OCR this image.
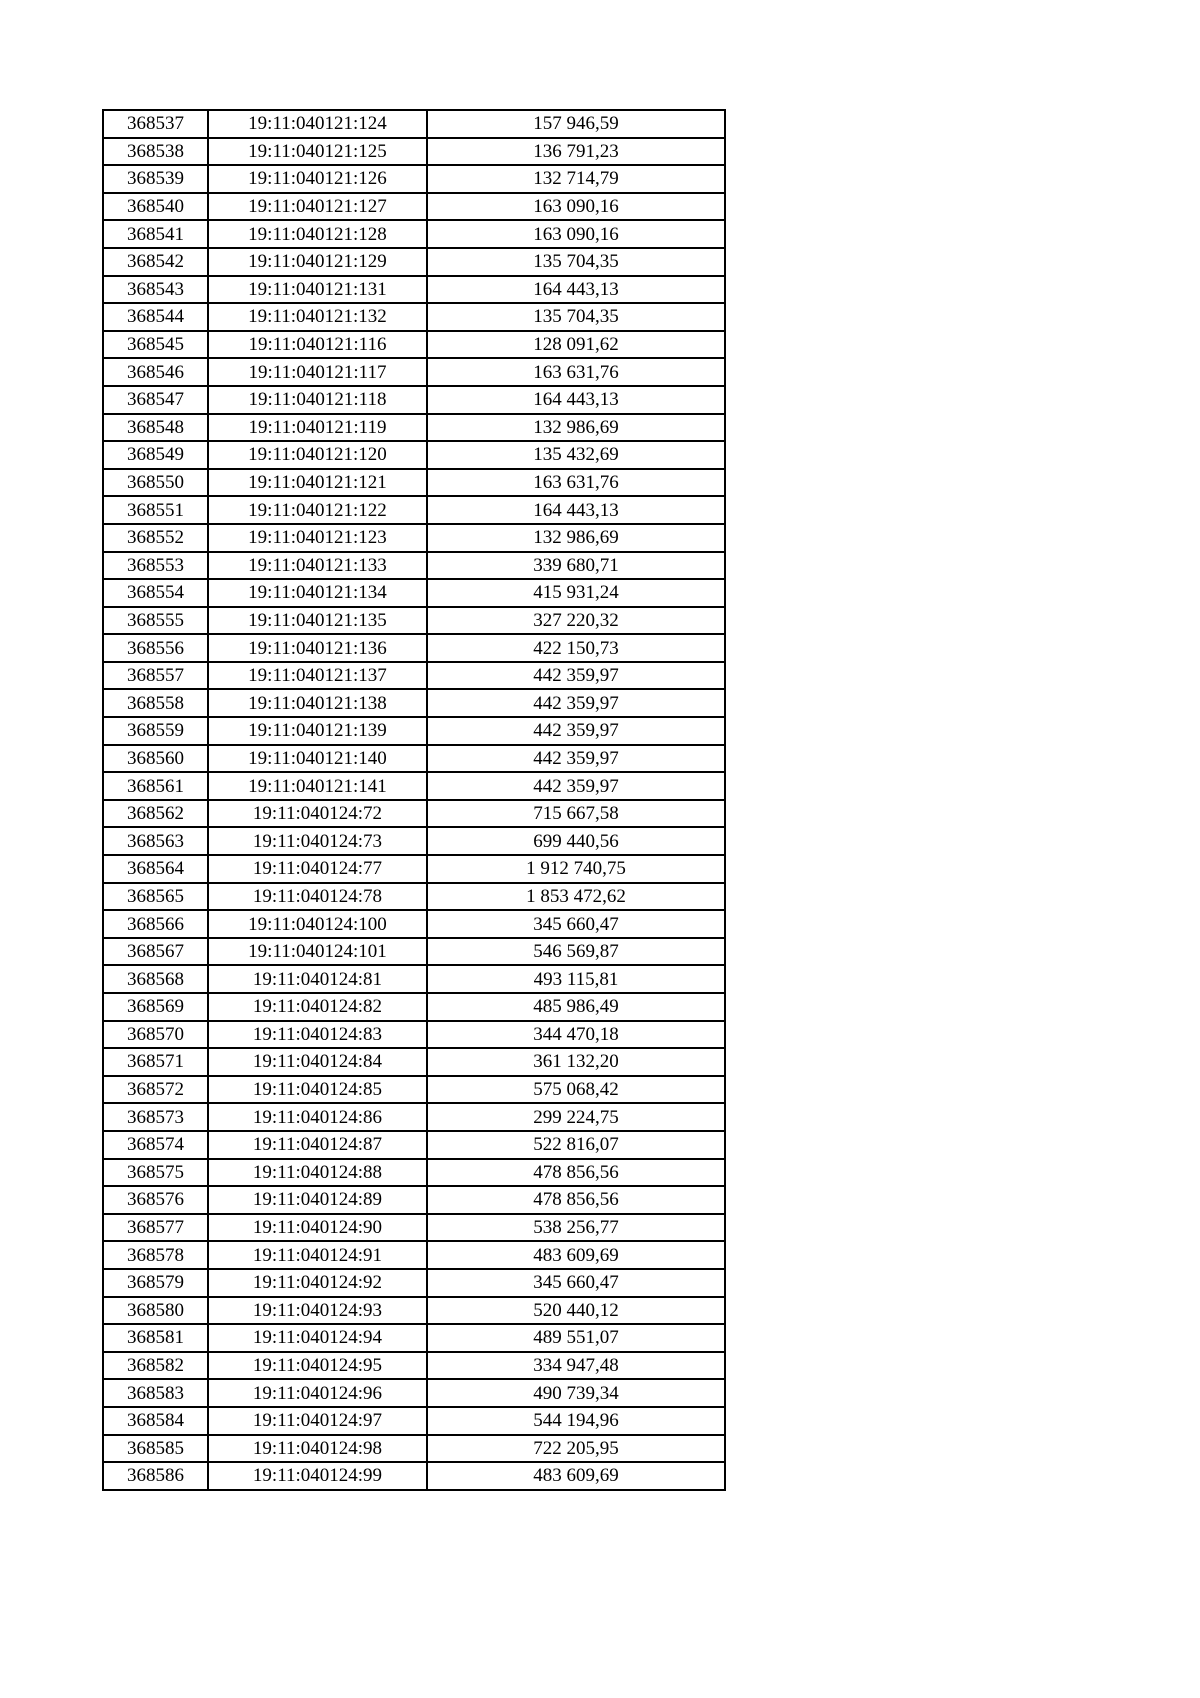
368537	19:11:040121:124	157 946,59
368538	19:11:040121:125	136 791,23
368539	19:11:040121:126	132 714,79
368540	19:11:040121:127	163 090,16
368541	19:11:040121:128	163 090,16
368542	19:11:040121:129	135 704,35
368543	19:11:040121:131	164 443,13
368544	19:11:040121:132	135 704,35
368545	19:11:040121:116	128 091,62
368546	19:11:040121:117	163 631,76
368547	19:11:040121:118	164 443,13
368548	19:11:040121:119	132 986,69
368549	19:11:040121:120	135 432,69
368550	19:11:040121:121	163 631,76
368551	19:11:040121:122	164 443,13
368552	19:11:040121:123	132 986,69
368553	19:11:040121:133	339 680,71
368554	19:11:040121:134	415 931,24
368555	19:11:040121:135	327 220,32
368556	19:11:040121:136	422 150,73
368557	19:11:040121:137	442 359,97
368558	19:11:040121:138	442 359,97
368559	19:11:040121:139	442 359,97
368560	19:11:040121:140	442 359,97
368561	19:11:040121:141	442 359,97
368562	19:11:040124:72	715 667,58
368563	19:11:040124:73	699 440,56
368564	19:11:040124:77	1 912 740,75
368565	19:11:040124:78	1 853 472,62
368566	19:11:040124:100	345 660,47
368567	19:11:040124:101	546 569,87
368568	19:11:040124:81	493 115,81
368569	19:11:040124:82	485 986,49
368570	19:11:040124:83	344 470,18
368571	19:11:040124:84	361 132,20
368572	19:11:040124:85	575 068,42
368573	19:11:040124:86	299 224,75
368574	19:11:040124:87	522 816,07
368575	19:11:040124:88	478 856,56
368576	19:11:040124:89	478 856,56
368577	19:11:040124:90	538 256,77
368578	19:11:040124:91	483 609,69
368579	19:11:040124:92	345 660,47
368580	19:11:040124:93	520 440,12
368581	19:11:040124:94	489 551,07
368582	19:11:040124:95	334 947,48
368583	19:11:040124:96	490 739,34
368584	19:11:040124:97	544 194,96
368585	19:11:040124:98	722 205,95
368586	19:11:040124:99	483 609,69
